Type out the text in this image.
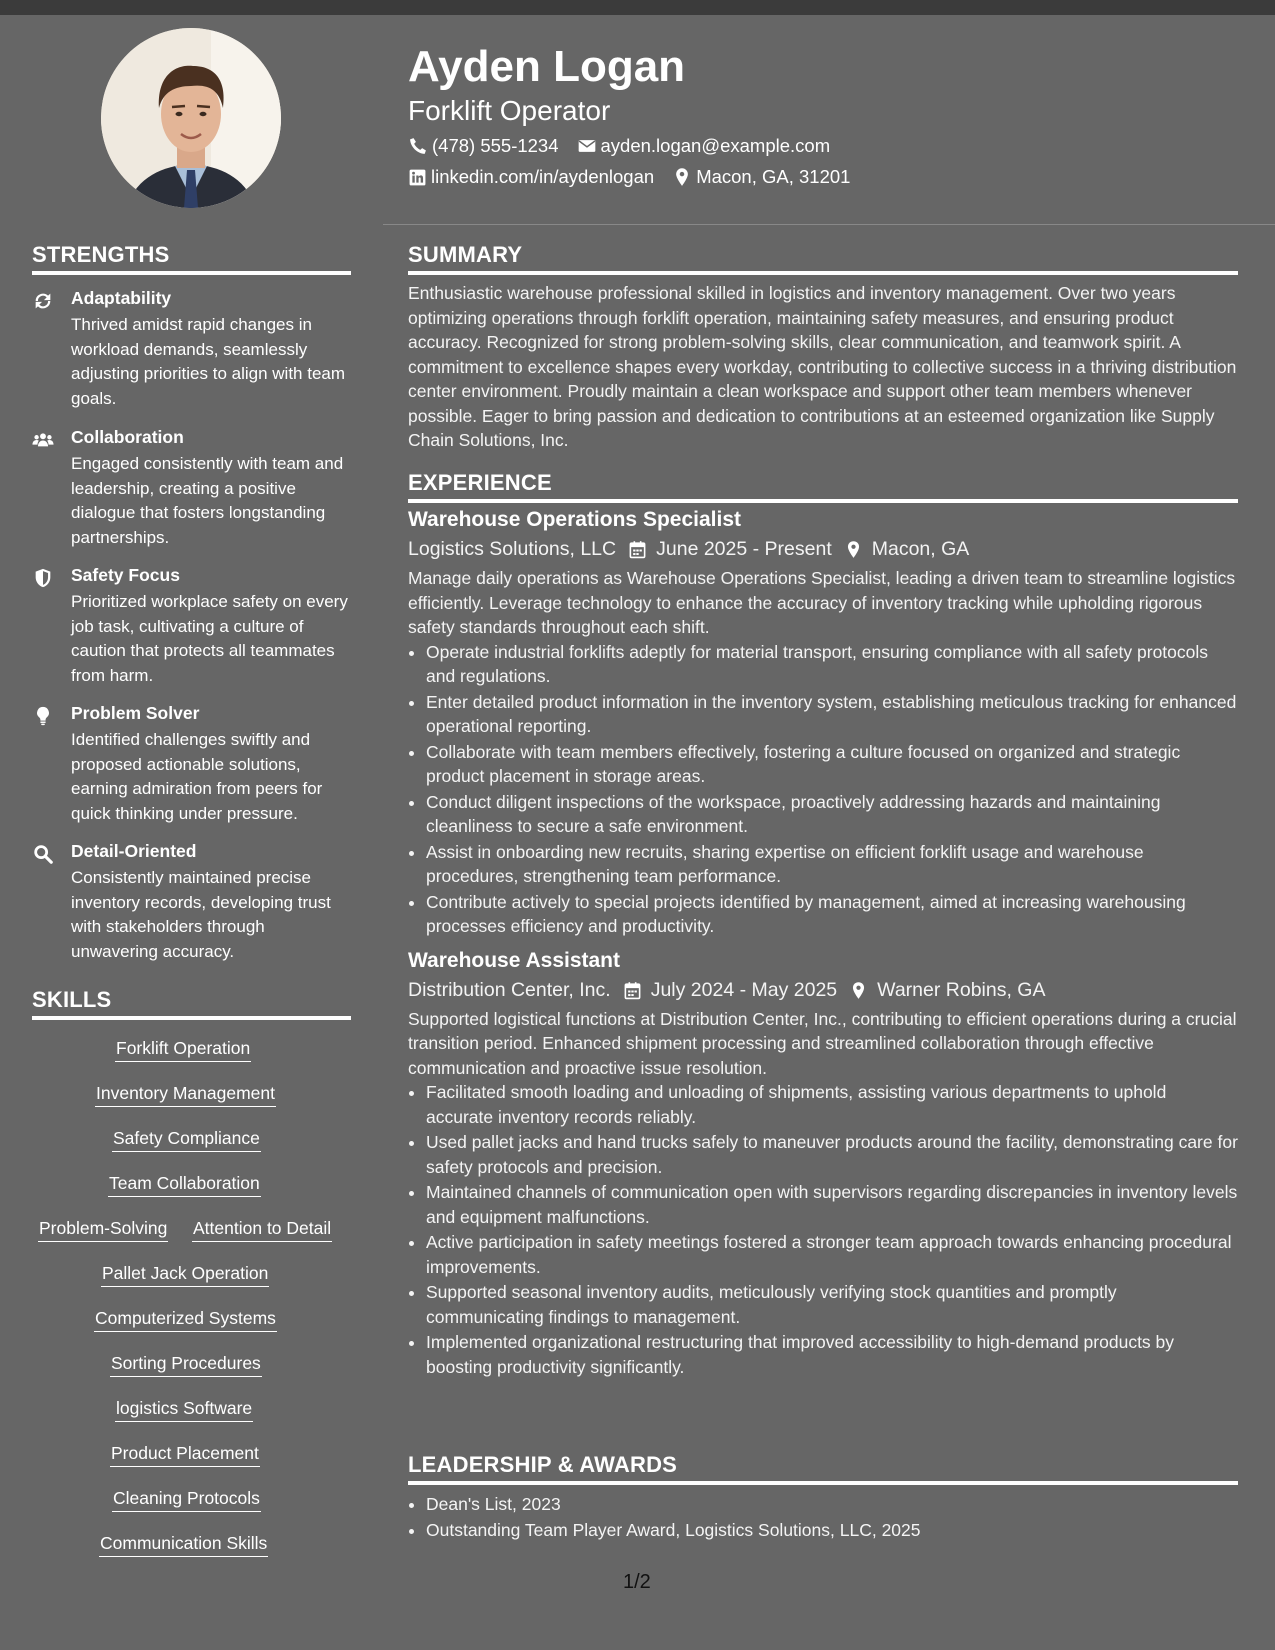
STRENGTHS
Adaptability
Thrived amidst rapid changes in workload demands, seamlessly adjusting priorities to align with team goals.
Collaboration
Engaged consistently with team and leadership, creating a positive dialogue that fosters longstanding partnerships.
Safety Focus
Prioritized workplace safety on every job task, cultivating a culture of caution that protects all teammates from harm.
Problem Solver
Identified challenges swiftly and proposed actionable solutions, earning admiration from peers for quick thinking under pressure.
Detail-Oriented
Consistently maintained precise inventory records, developing trust with stakeholders through unwavering accuracy.
SKILLS
Forklift Operation
Inventory Management
Safety Compliance
Team Collaboration
Problem-Solving Attention to Detail
Pallet Jack Operation
Computerized Systems
Sorting Procedures
logistics Software
Product Placement
Cleaning Protocols
Communication Skills
Ayden Logan
Forklift Operator
(478) 555-1234 ayden.logan@example.com
linkedin.com/in/aydenlogan Macon, GA, 31201
SUMMARY
Enthusiastic warehouse professional skilled in logistics and inventory management. Over two years optimizing operations through forklift operation, maintaining safety measures, and ensuring product accuracy. Recognized for strong problem-solving skills, clear communication, and teamwork spirit. A commitment to excellence shapes every workday, contributing to collective success in a thriving distribution center environment. Proudly maintain a clean workspace and support other team members whenever possible. Eager to bring passion and dedication to contributions at an esteemed organization like Supply Chain Solutions, Inc.
EXPERIENCE
Warehouse Operations Specialist
Logistics Solutions, LLC June 2025 - Present Macon, GA
Manage daily operations as Warehouse Operations Specialist, leading a driven team to streamline logistics efficiently. Leverage technology to enhance the accuracy of inventory tracking while upholding rigorous safety standards throughout each shift.
• Operate industrial forklifts adeptly for material transport, ensuring compliance with all safety protocols and regulations.
• Enter detailed product information in the inventory system, establishing meticulous tracking for enhanced operational reporting.
• Collaborate with team members effectively, fostering a culture focused on organized and strategic product placement in storage areas.
• Conduct diligent inspections of the workspace, proactively addressing hazards and maintaining cleanliness to secure a safe environment.
• Assist in onboarding new recruits, sharing expertise on efficient forklift usage and warehouse procedures, strengthening team performance.
• Contribute actively to special projects identified by management, aimed at increasing warehousing processes efficiency and productivity.
Warehouse Assistant
Distribution Center, Inc. July 2024 - May 2025 Warner Robins, GA
Supported logistical functions at Distribution Center, Inc., contributing to efficient operations during a crucial transition period. Enhanced shipment processing and streamlined collaboration through effective communication and proactive issue resolution.
• Facilitated smooth loading and unloading of shipments, assisting various departments to uphold accurate inventory records reliably.
• Used pallet jacks and hand trucks safely to maneuver products around the facility, demonstrating care for safety protocols and precision.
• Maintained channels of communication open with supervisors regarding discrepancies in inventory levels and equipment malfunctions.
• Active participation in safety meetings fostered a stronger team approach towards enhancing procedural improvements.
• Supported seasonal inventory audits, meticulously verifying stock quantities and promptly communicating findings to management.
• Implemented organizational restructuring that improved accessibility to high-demand products by boosting productivity significantly.
LEADERSHIP & AWARDS
• Dean's List, 2023
• Outstanding Team Player Award, Logistics Solutions, LLC, 2025
1/2
